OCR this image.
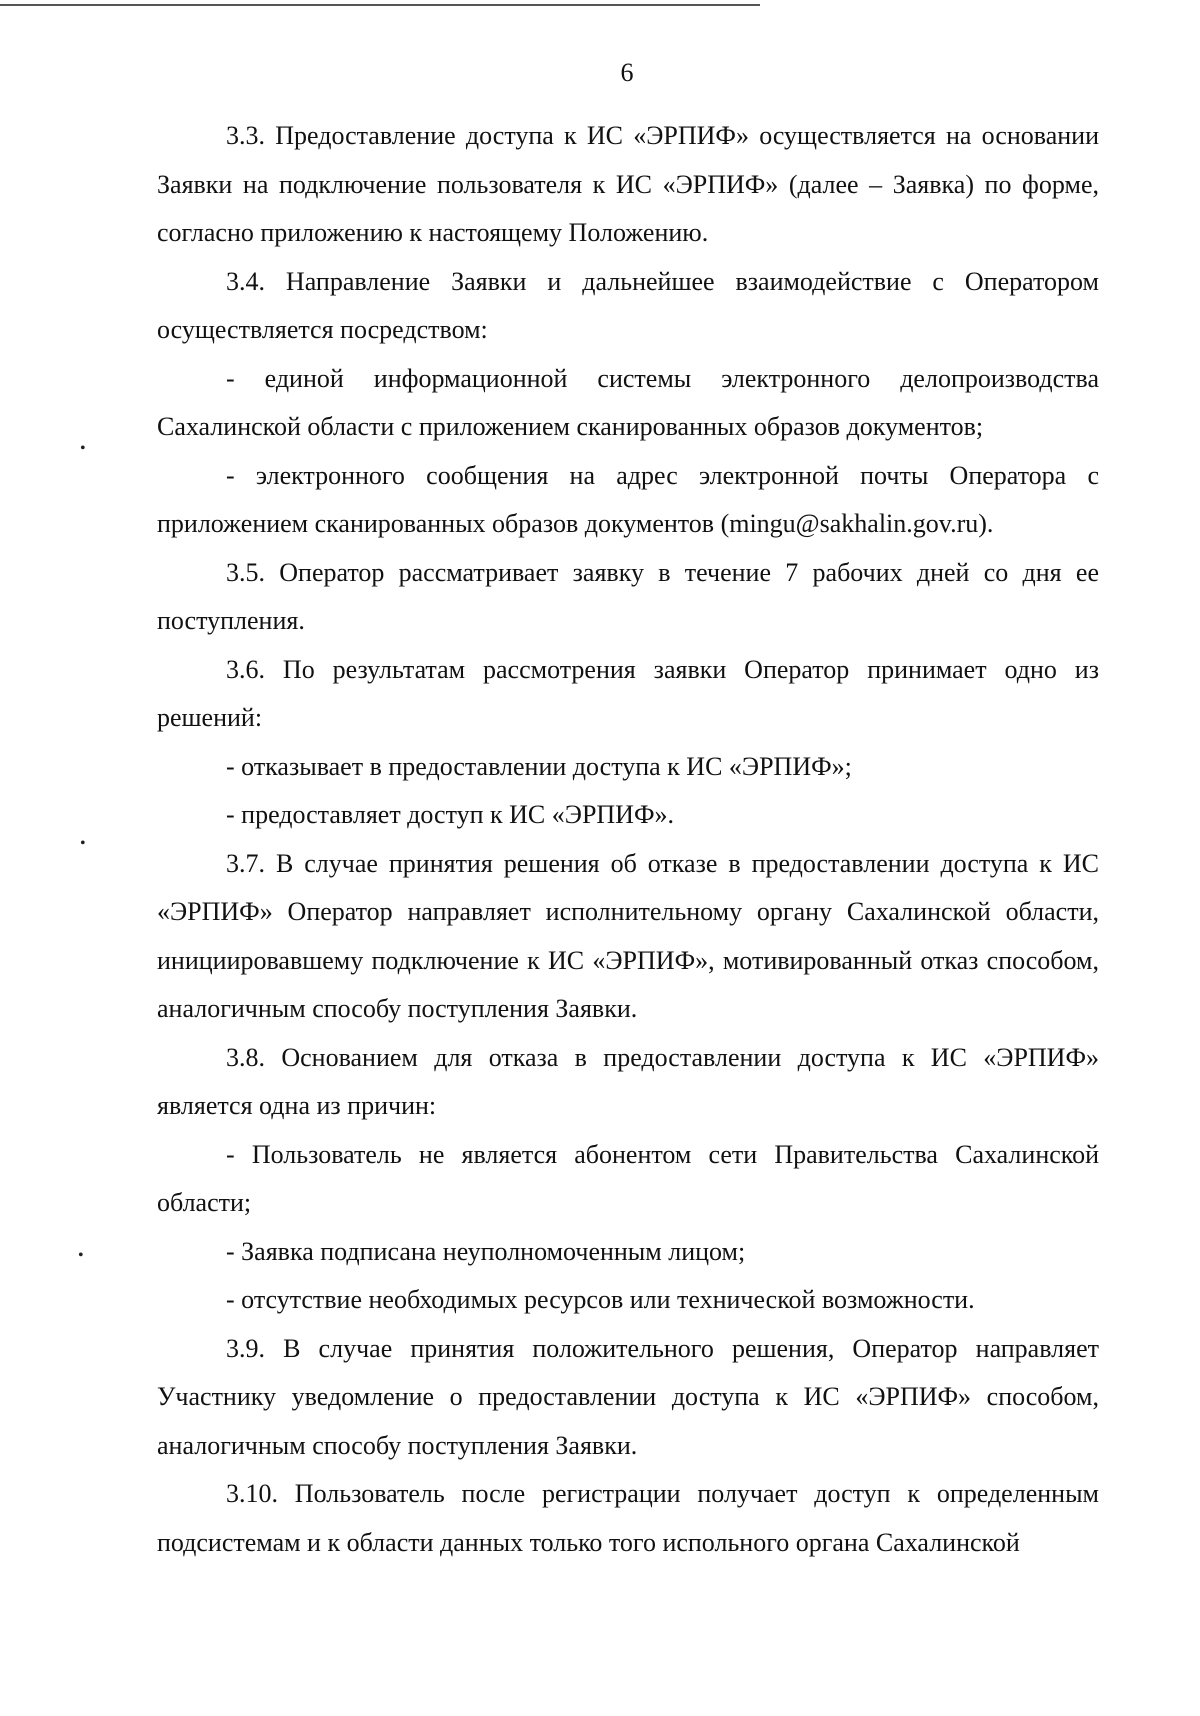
6

3.3. Предоставление доступа к ИС «ЭРПИФ» осуществляется на основании Заявки на подключение пользователя к ИС «ЭРПИФ» (далее – Заявка) по форме, согласно приложению к настоящему Положению.

3.4. Направление Заявки и дальнейшее взаимодействие с Оператором осуществляется посредством:

- единой информационной системы электронного делопроизводства Сахалинской области с приложением сканированных образов документов;

- электронного сообщения на адрес электронной почты Оператора с приложением сканированных образов документов (mingu@sakhalin.gov.ru).

3.5. Оператор рассматривает заявку в течение 7 рабочих дней со дня ее поступления.

3.6. По результатам рассмотрения заявки Оператор принимает одно из решений:

- отказывает в предоставлении доступа к ИС «ЭРПИФ»;

- предоставляет доступ к ИС «ЭРПИФ».

3.7. В случае принятия решения об отказе в предоставлении доступа к ИС «ЭРПИФ» Оператор направляет исполнительному органу Сахалинской области, инициировавшему подключение к ИС «ЭРПИФ», мотивированный отказ способом, аналогичным способу поступления Заявки.

3.8. Основанием для отказа в предоставлении доступа к ИС «ЭРПИФ» является одна из причин:

- Пользователь не является абонентом сети Правительства Сахалинской области;

- Заявка подписана неуполномоченным лицом;

- отсутствие необходимых ресурсов или технической возможности.

3.9. В случае принятия положительного решения, Оператор направляет Участнику уведомление о предоставлении доступа к ИС «ЭРПИФ» способом, аналогичным способу поступления Заявки.

3.10. Пользователь после регистрации получает доступ к определенным подсистемам и к области данных только того испольного органа Сахалинской

•
•
•
